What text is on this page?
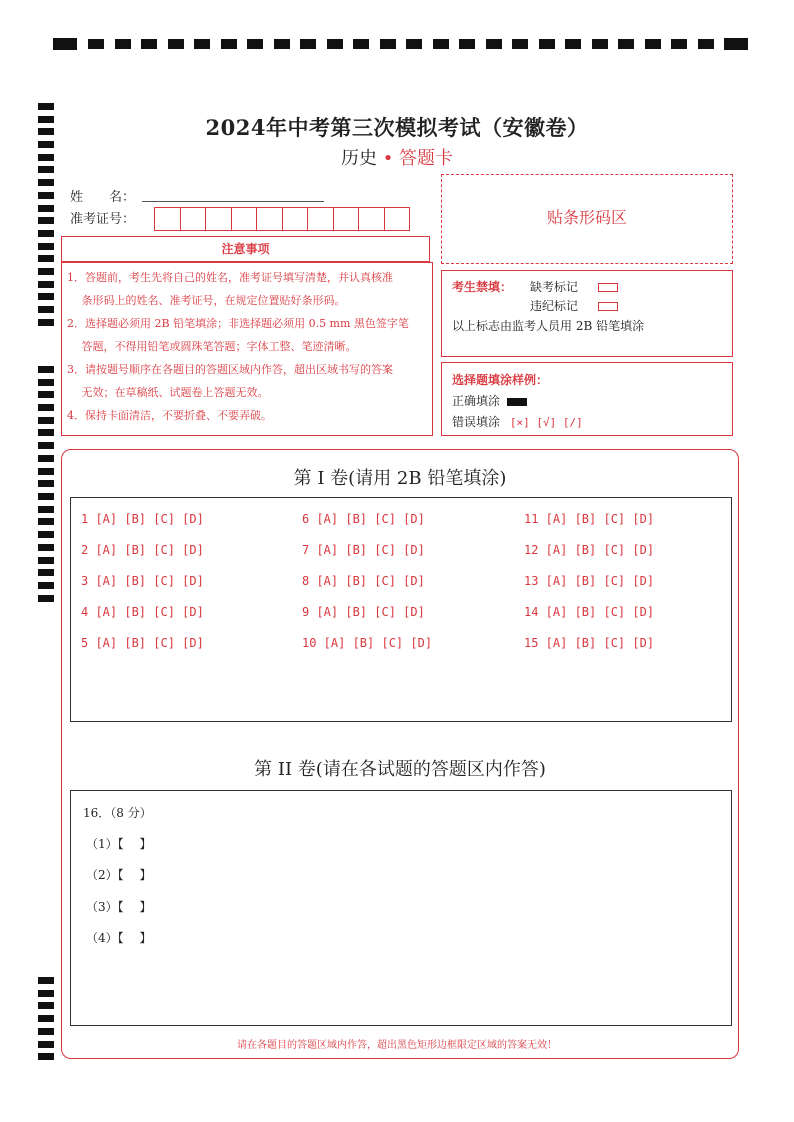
2024年中考第三次模拟考试（安徽卷）
历史 • 答题卡
姓　　名：
准考证号：
注意事项
1．答题前，考生先将自己的姓名，准考证号填写清楚，并认真核准
　 条形码上的姓名、准考证号，在规定位置贴好条形码。
2．选择题必须用 2B 铅笔填涂；非选择题必须用 0.5 mm 黑色签字笔
　 答题，不得用铅笔或圆珠笔答题；字体工整、笔迹清晰。
3．请按题号顺序在各题目的答题区域内作答，超出区域书写的答案
　 无效；在草稿纸、试题卷上答题无效。
4．保持卡面清洁，不要折叠、不要弄破。
贴条形码区
考生禁填： 缺考标记
违纪标记
以上标志由监考人员用 2B 铅笔填涂
选择题填涂样例：
正确填涂
错误填涂 [×] [√] [/]
第 I 卷(请用 2B 铅笔填涂)
1 [A] [B] [C] [D]
2 [A] [B] [C] [D]
3 [A] [B] [C] [D]
4 [A] [B] [C] [D]
5 [A] [B] [C] [D]
6 [A] [B] [C] [D]
7 [A] [B] [C] [D]
8 [A] [B] [C] [D]
9 [A] [B] [C] [D]
10 [A] [B] [C] [D]
11 [A] [B] [C] [D]
12 [A] [B] [C] [D]
13 [A] [B] [C] [D]
14 [A] [B] [C] [D]
15 [A] [B] [C] [D]
第 II 卷(请在各试题的答题区内作答)
16．（8 分）
（1）【　 】
（2）【　 】
（3）【　 】
（4）【　 】
请在各题目的答题区域内作答，超出黑色矩形边框限定区域的答案无效！
